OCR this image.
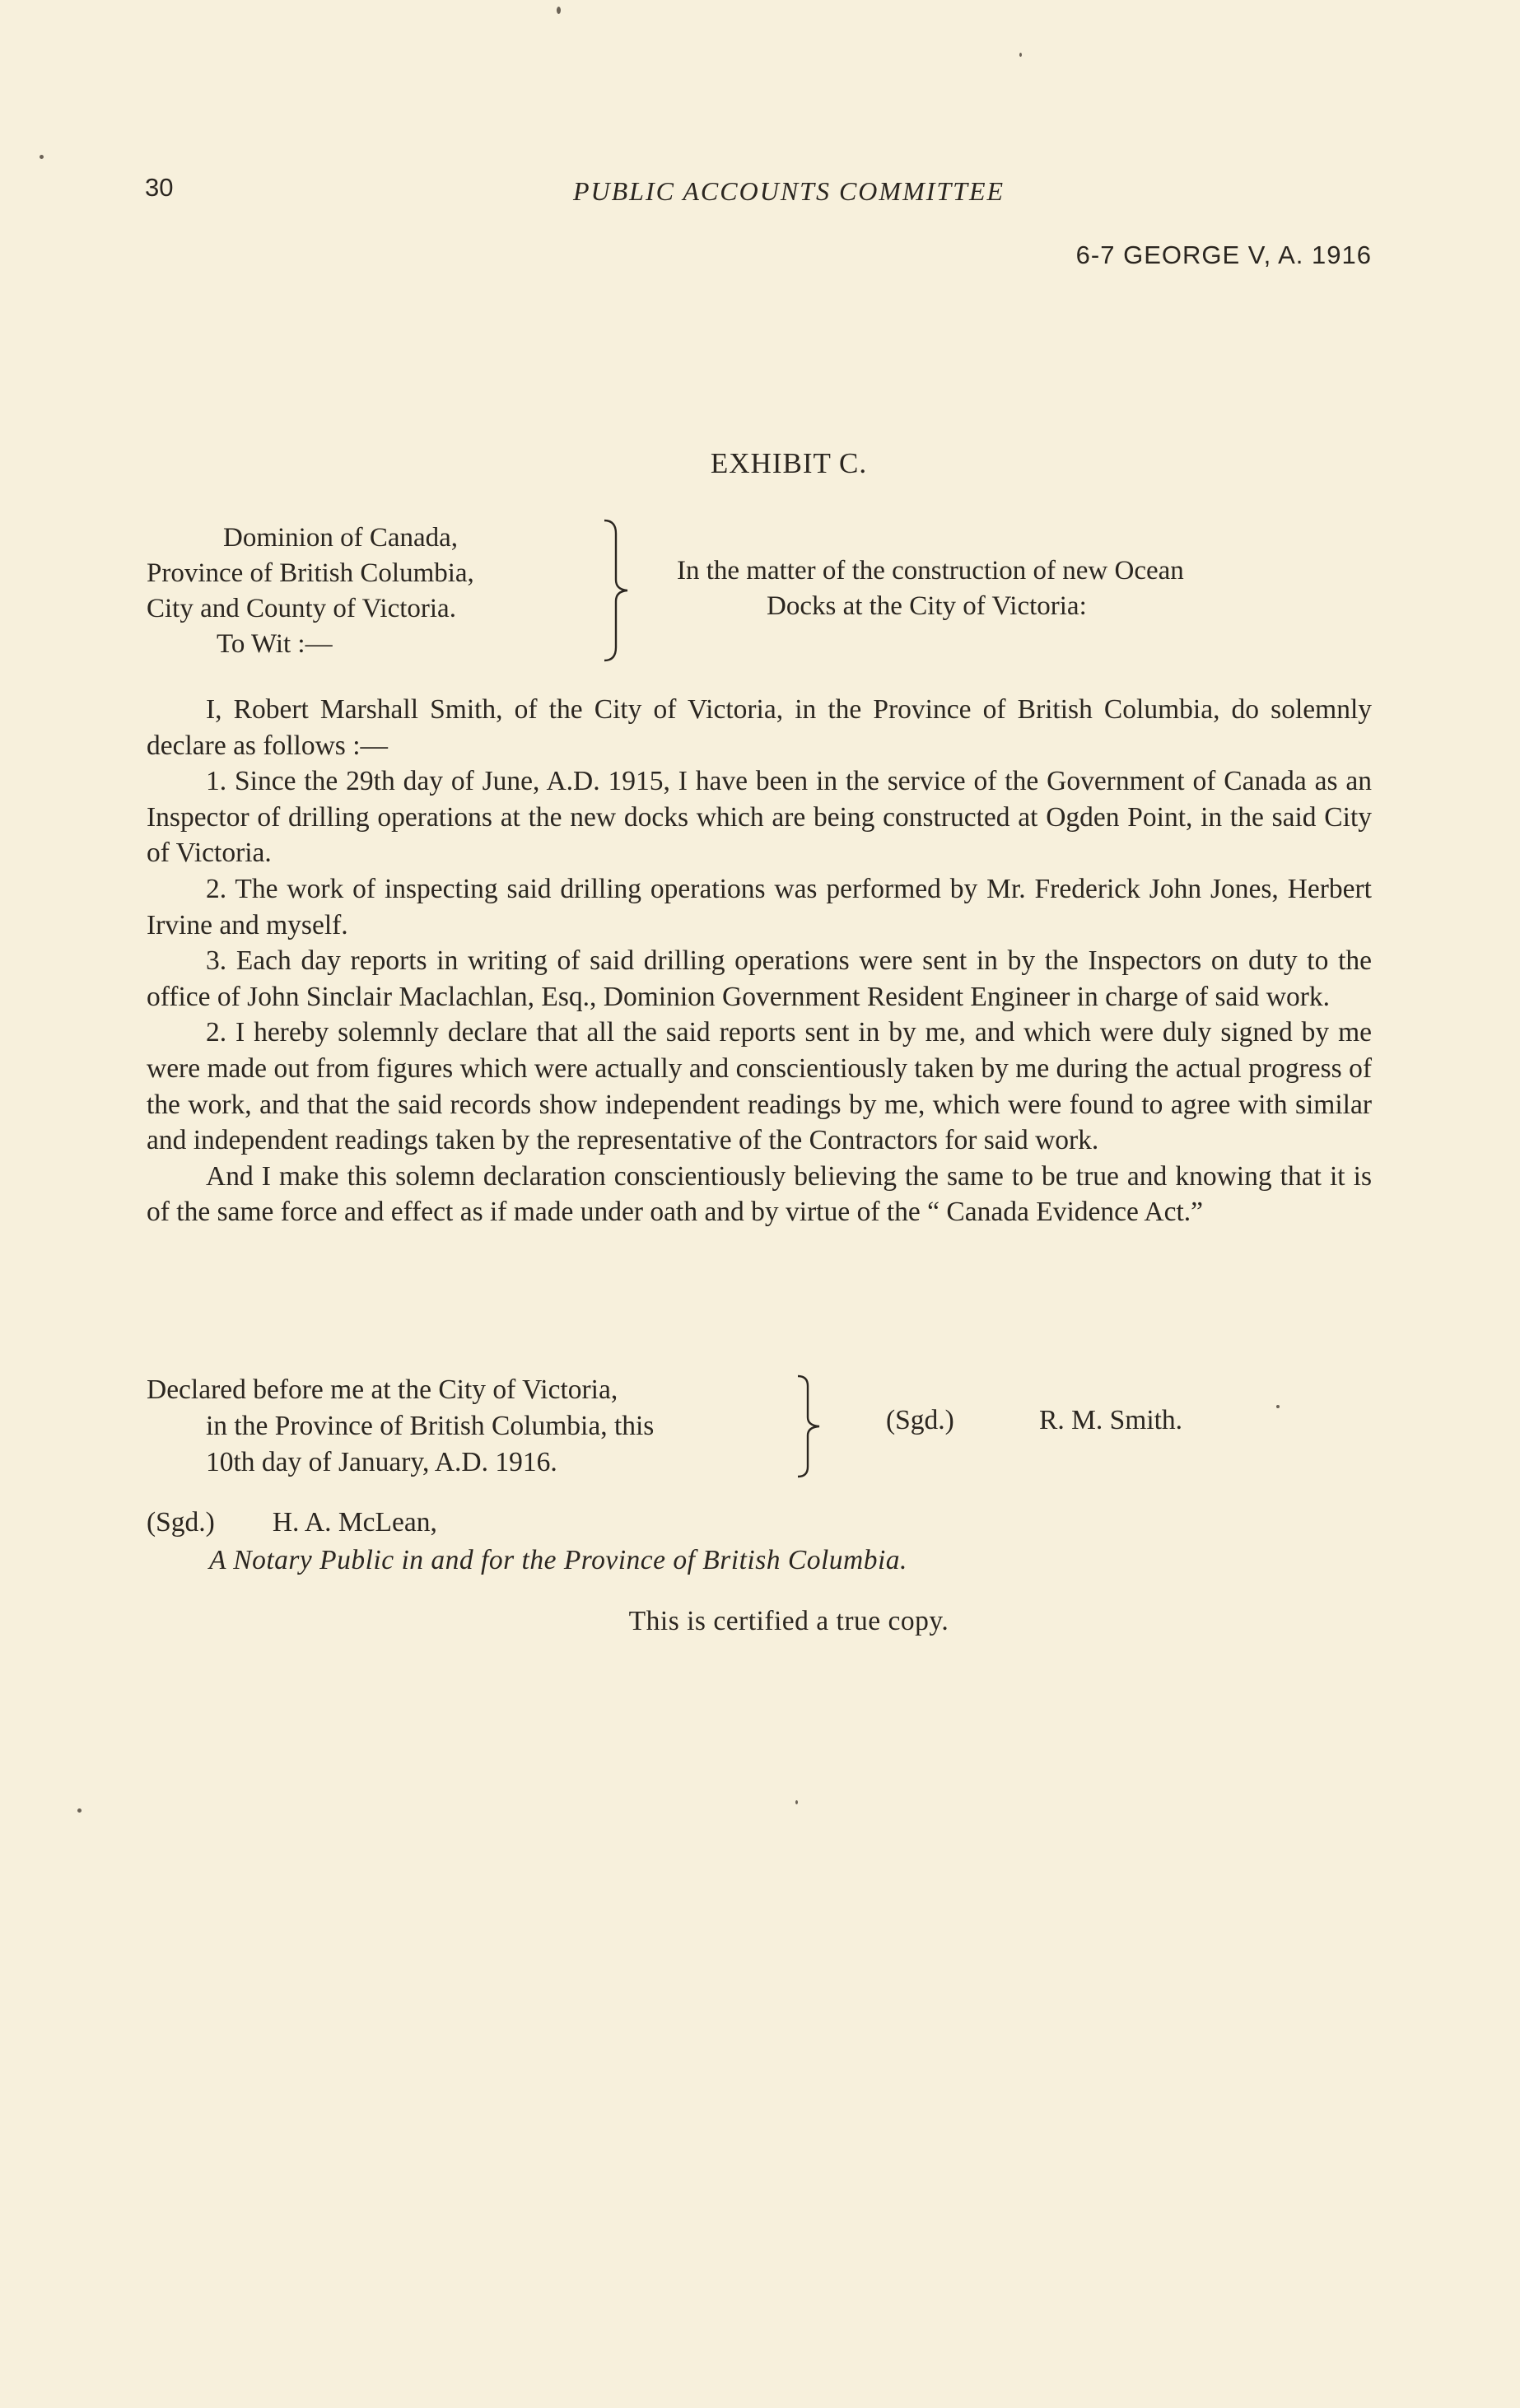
30	PUBLIC ACCOUNTS COMMITTEE
6-7 GEORGE V, A. 1916
EXHIBIT C.
Dominion of Canada,
Province of British Columbia,
City and County of Victoria.
To Wit :—
In the matter of the construction of new Ocean
Docks at the City of Victoria:

I, Robert Marshall Smith, of the City of Victoria, in the Province of British Columbia, do solemnly declare as follows :—

1. Since the 29th day of June, A.D. 1915, I have been in the service of the Government of Canada as an Inspector of drilling operations at the new docks which are being constructed at Ogden Point, in the said City of Victoria.

2. The work of inspecting said drilling operations was performed by Mr. Frederick John Jones, Herbert Irvine and myself.

3. Each day reports in writing of said drilling operations were sent in by the Inspectors on duty to the office of John Sinclair Maclachlan, Esq., Dominion Government Resident Engineer in charge of said work.

2. I hereby solemnly declare that all the said reports sent in by me, and which were duly signed by me were made out from figures which were actually and conscientiously taken by me during the actual progress of the work, and that the said records show independent readings by me, which were found to agree with similar and independent readings taken by the representative of the Contractors for said work.

And I make this solemn declaration conscientiously believing the same to be true and knowing that it is of the same force and effect as if made under oath and by virtue of the “ Canada Evidence Act.”

Declared before me at the City of Victoria,
in the Province of British Columbia, this
10th day of January, A.D. 1916.
(Sgd.)	R. M. Smith.
(Sgd.) H. A. McLean,
A Notary Public in and for the Province of British Columbia.
This is certified a true copy.
